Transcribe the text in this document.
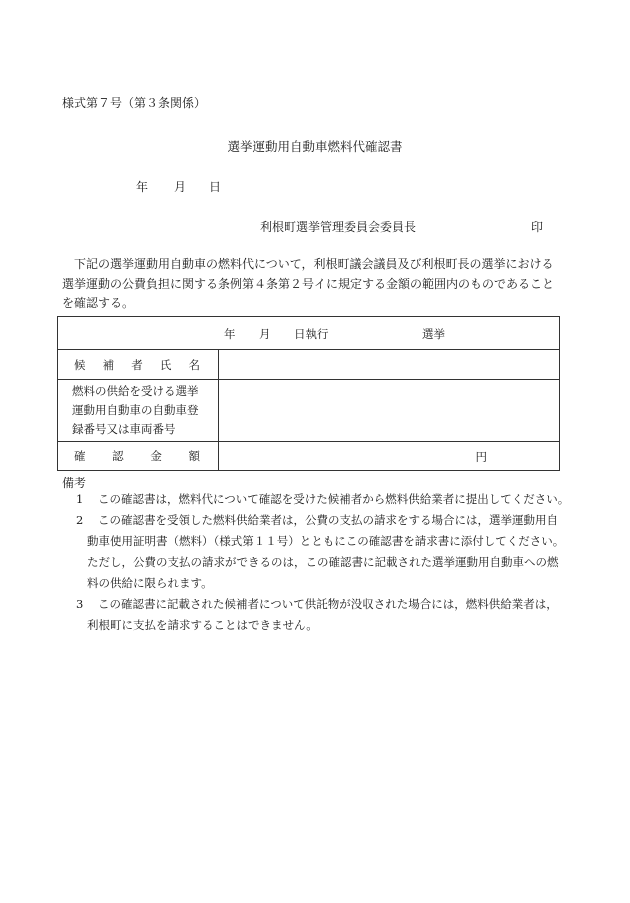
様式第７号（第３条関係）
選挙運動用自動車燃料代確認書
年 月 日
利根町選挙管理委員会委員長	印
下記の選挙運動用自動車の燃料代について，利根町議会議員及び利根町長の選挙における
選挙運動の公費負担に関する条例第４条第２号イに規定する金額の範囲内のものであること
を確認する。
年 月 日執行 選挙	

候 補 者 氏 名	

燃料の供給を受ける選挙
運動用自動車の自動車登
録番号又は車両番号	

確 認 金 額	円
備考
1 この確認書は，燃料代について確認を受けた候補者から燃料供給業者に提出してください。
2 この確認書を受領した燃料供給業者は，公費の支払の請求をする場合には，選挙運動用自
動車使用証明書（燃料）（様式第１１号）とともにこの確認書を請求書に添付してください。
ただし，公費の支払の請求ができるのは，この確認書に記載された選挙運動用自動車への燃
料の供給に限られます。
3 この確認書に記載された候補者について供託物が没収された場合には，燃料供給業者は，
利根町に支払を請求することはできません。
